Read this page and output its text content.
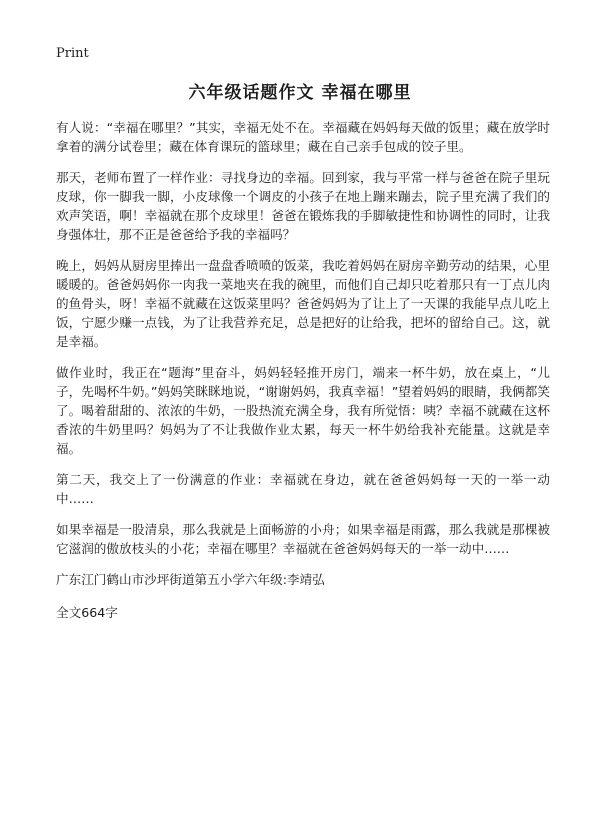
Print
六年级话题作文 幸福在哪里

有人说：“幸福在哪里？”其实，幸福无处不在。幸福藏在妈妈每天做的饭里；藏在放学时拿着的满分试卷里；藏在体育课玩的篮球里；藏在自己亲手包成的饺子里。

那天，老师布置了一样作业：寻找身边的幸福。回到家，我与平常一样与爸爸在院子里玩皮球，你一脚我一脚，小皮球像一个调皮的小孩子在地上蹦来蹦去，院子里充满了我们的欢声笑语，啊！幸福就在那个皮球里！爸爸在锻炼我的手脚敏捷性和协调性的同时，让我身强体壮，那不正是爸爸给予我的幸福吗？

晚上，妈妈从厨房里捧出一盘盘香喷喷的饭菜，我吃着妈妈在厨房辛勤劳动的结果，心里暖暖的。爸爸妈妈你一肉我一菜地夹在我的碗里，而他们自己却只吃着那只有一丁点儿肉的鱼骨头，呀！幸福不就藏在这饭菜里吗？爸爸妈妈为了让上了一天课的我能早点儿吃上饭，宁愿少赚一点钱，为了让我营养充足，总是把好的让给我，把坏的留给自己。这，就是幸福。

做作业时，我正在“题海”里奋斗，妈妈轻轻推开房门，端来一杯牛奶，放在桌上，“儿子，先喝杯牛奶。”妈妈笑眯眯地说，“谢谢妈妈，我真幸福！”望着妈妈的眼睛，我俩都笑了。喝着甜甜的、浓浓的牛奶，一股热流充满全身，我有所觉悟：咦？幸福不就藏在这杯香浓的牛奶里吗？妈妈为了不让我做作业太累，每天一杯牛奶给我补充能量。这就是幸福。

第二天，我交上了一份满意的作业：幸福就在身边，就在爸爸妈妈每一天的一举一动中……

如果幸福是一股清泉，那么我就是上面畅游的小舟；如果幸福是雨露，那么我就是那棵被它滋润的傲放枝头的小花；幸福在哪里？幸福就在爸爸妈妈每天的一举一动中……

广东江门鹤山市沙坪街道第五小学六年级:李靖弘

全文664字
